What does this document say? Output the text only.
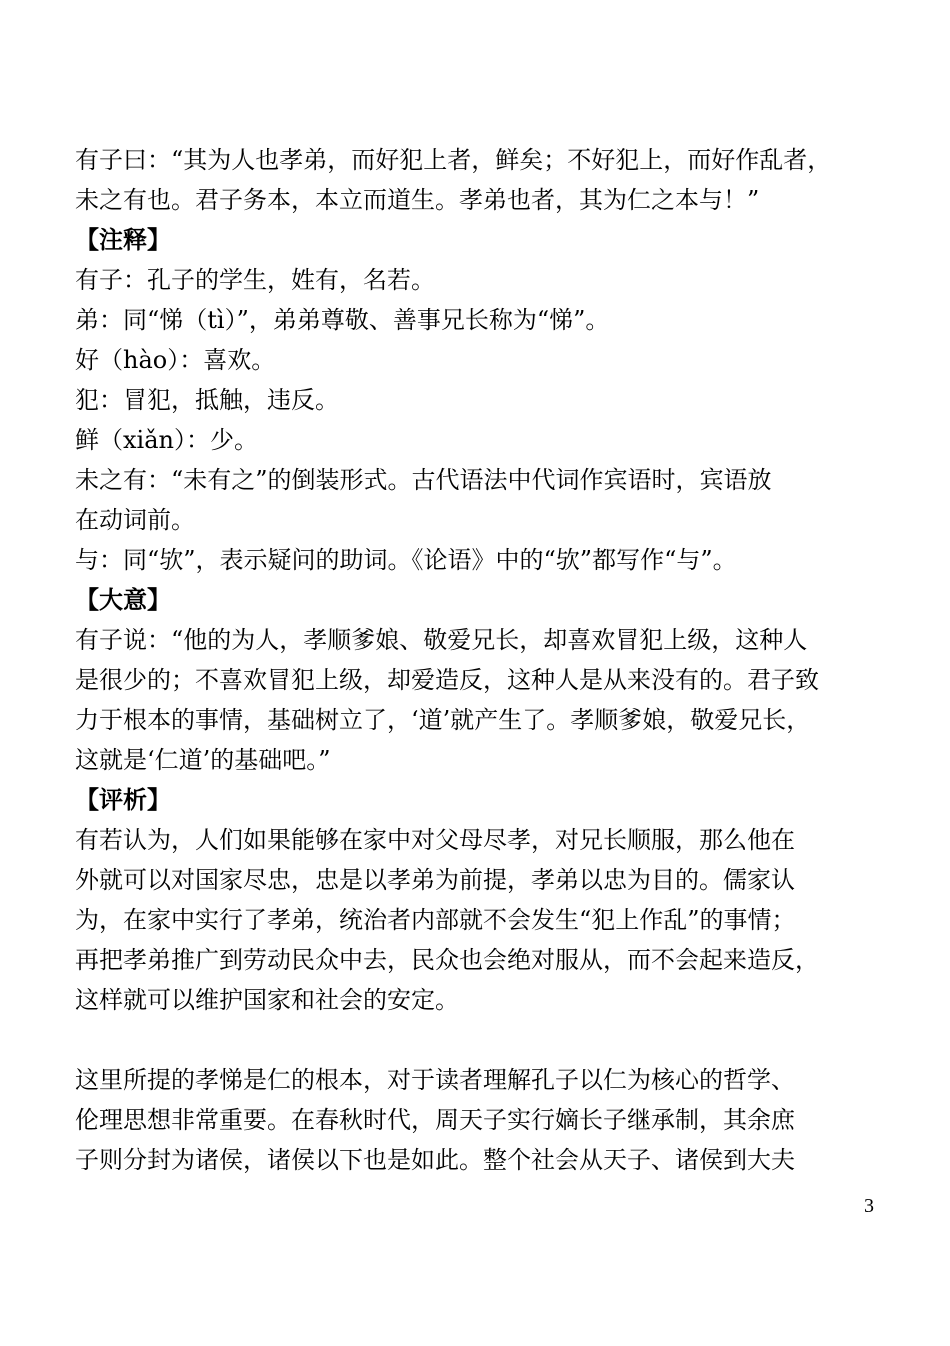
有子曰：“其为人也孝弟，而好犯上者，鲜矣；不好犯上，而好作乱者，
未之有也。君子务本，本立而道生。孝弟也者，其为仁之本与！”
【注释】
有子：孔子的学生，姓有，名若。
弟：同“悌（tì）”，弟弟尊敬、善事兄长称为“悌”。
好（hào）：喜欢。
犯：冒犯，抵触，违反。
鲜（xiǎn）：少。
未之有：“未有之”的倒装形式。古代语法中代词作宾语时，宾语放
在动词前。
与：同“欤”，表示疑问的助词。《论语》中的“欤”都写作“与”。
【大意】
有子说：“他的为人，孝顺爹娘、敬爱兄长，却喜欢冒犯上级，这种人
是很少的；不喜欢冒犯上级，却爱造反，这种人是从来没有的。君子致
力于根本的事情，基础树立了，‘道’就产生了。孝顺爹娘，敬爱兄长，
这就是‘仁道’的基础吧。”
【评析】
有若认为，人们如果能够在家中对父母尽孝，对兄长顺服，那么他在
外就可以对国家尽忠，忠是以孝弟为前提，孝弟以忠为目的。儒家认
为，在家中实行了孝弟，统治者内部就不会发生“犯上作乱”的事情；
再把孝弟推广到劳动民众中去，民众也会绝对服从，而不会起来造反，
这样就可以维护国家和社会的安定。
这里所提的孝悌是仁的根本，对于读者理解孔子以仁为核心的哲学、
伦理思想非常重要。在春秋时代，周天子实行嫡长子继承制，其余庶
子则分封为诸侯，诸侯以下也是如此。整个社会从天子、诸侯到大夫
3
